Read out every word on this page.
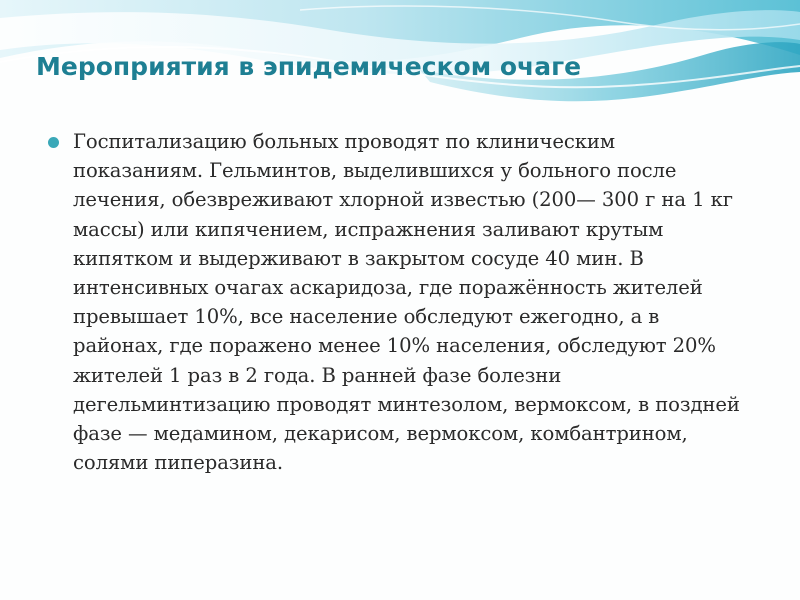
Мероприятия в эпидемическом очаге
Госпитализацию больных проводят по клиническим показаниям. Гельминтов, выделившихся у больного после лечения, обезвреживают хлорной известью (200— 300 г на 1 кг массы) или кипячением, испражнения заливают крутым кипятком и выдерживают в закрытом сосуде 40 мин. В интенсивных очагах аскаридоза, где поражённость жителей превышает 10%, все население обследуют ежегодно, а в районах, где поражено менее 10% населения, обследуют 20% жителей 1 раз в 2 года. В ранней фазе болезни дегельминтизацию проводят минтезолом, вермоксом, в поздней фазе — медамином, декарисом, вермоксом, комбантрином, солями пиперазина.
